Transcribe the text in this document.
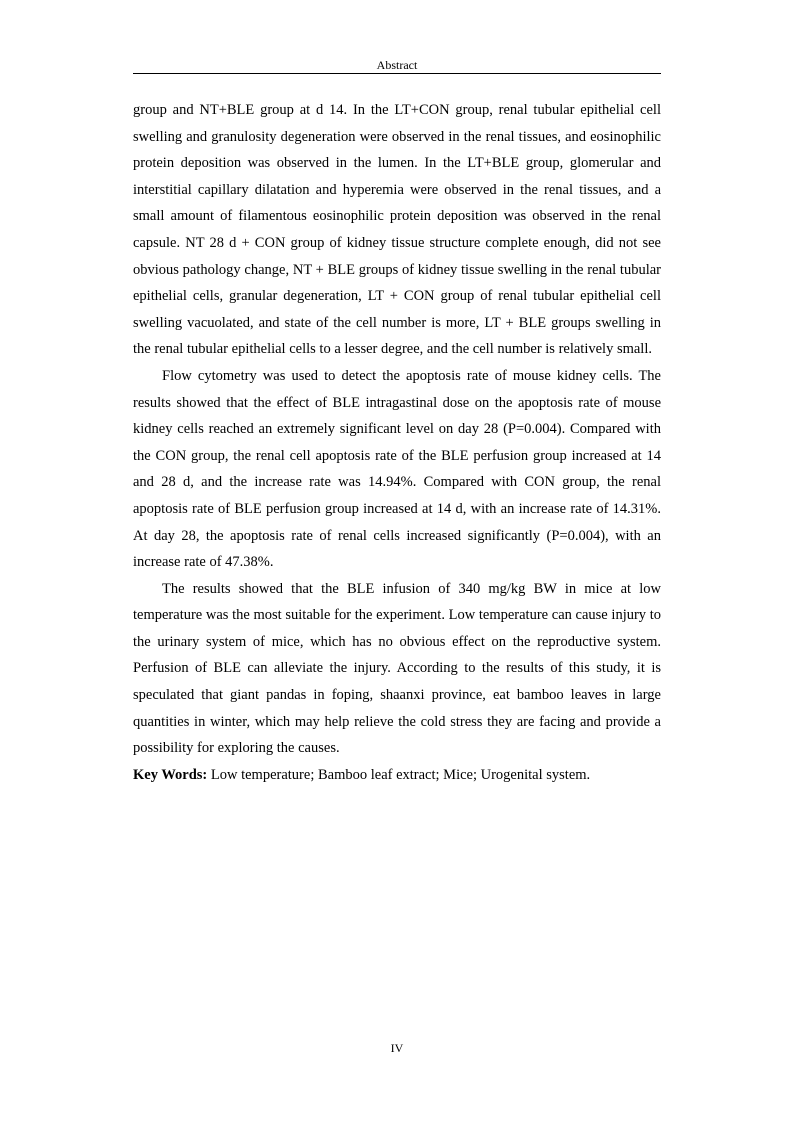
Abstract

group and NT+BLE group at d 14. In the LT+CON group, renal tubular epithelial cell swelling and granulosity degeneration were observed in the renal tissues, and eosinophilic protein deposition was observed in the lumen. In the LT+BLE group, glomerular and interstitial capillary dilatation and hyperemia were observed in the renal tissues, and a small amount of filamentous eosinophilic protein deposition was observed in the renal capsule. NT 28 d + CON group of kidney tissue structure complete enough, did not see obvious pathology change, NT + BLE groups of kidney tissue swelling in the renal tubular epithelial cells, granular degeneration, LT + CON group of renal tubular epithelial cell swelling vacuolated, and state of the cell number is more, LT + BLE groups swelling in the renal tubular epithelial cells to a lesser degree, and the cell number is relatively small.

Flow cytometry was used to detect the apoptosis rate of mouse kidney cells. The results showed that the effect of BLE intragastinal dose on the apoptosis rate of mouse kidney cells reached an extremely significant level on day 28 (P=0.004). Compared with the CON group, the renal cell apoptosis rate of the BLE perfusion group increased at 14 and 28 d, and the increase rate was 14.94%. Compared with CON group, the renal apoptosis rate of BLE perfusion group increased at 14 d, with an increase rate of 14.31%. At day 28, the apoptosis rate of renal cells increased significantly (P=0.004), with an increase rate of 47.38%.

The results showed that the BLE infusion of 340 mg/kg BW in mice at low temperature was the most suitable for the experiment. Low temperature can cause injury to the urinary system of mice, which has no obvious effect on the reproductive system. Perfusion of BLE can alleviate the injury. According to the results of this study, it is speculated that giant pandas in foping, shaanxi province, eat bamboo leaves in large quantities in winter, which may help relieve the cold stress they are facing and provide a possibility for exploring the causes.

Key Words: Low temperature; Bamboo leaf extract; Mice; Urogenital system.

IV
